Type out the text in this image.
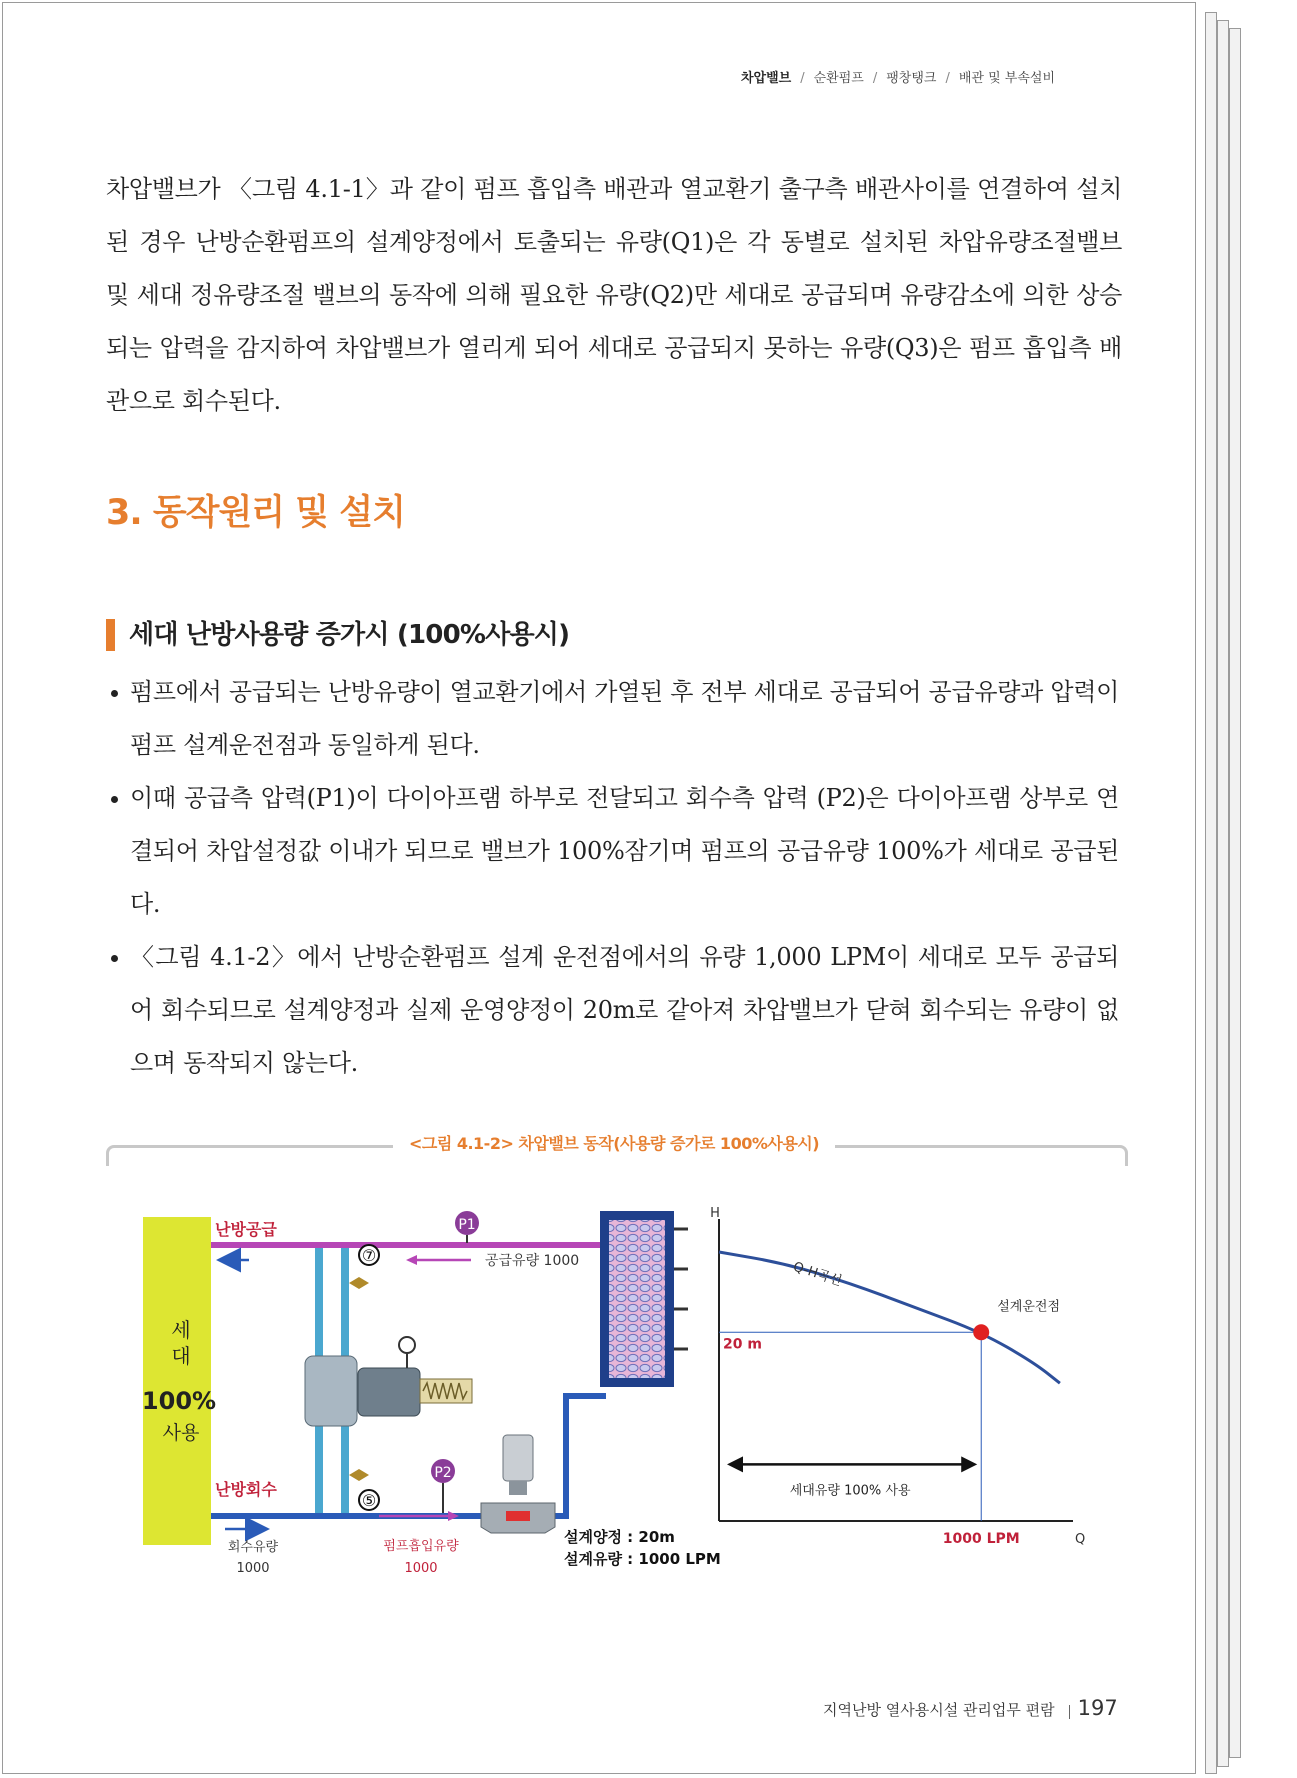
차압밸브 / 순환펌프 / 팽창탱크 / 배관 및 부속설비

차압밸브가 〈그림 4.1-1〉과 같이 펌프 흡입측 배관과 열교환기 출구측 배관사이를 연결하여 설치된 경우 난방순환펌프의 설계양정에서 토출되는 유량(Q1)은 각 동별로 설치된 차압유량조절밸브 및 세대 정유량조절 밸브의 동작에 의해 필요한 유량(Q2)만 세대로 공급되며 유량감소에 의한 상승되는 압력을 감지하여 차압밸브가 열리게 되어 세대로 공급되지 못하는 유량(Q3)은 펌프 흡입측 배관으로 회수된다.

3. 동작원리 및 설치
세대 난방사용량 증가시 (100%사용시)
펌프에서 공급되는 난방유량이 열교환기에서 가열된 후 전부 세대로 공급되어 공급유량과 압력이 펌프 설계운전점과 동일하게 된다.
이때 공급측 압력(P1)이 다이아프램 하부로 전달되고 회수측 압력 (P2)은 다이아프램 상부로 연결되어 차압설정값 이내가 되므로 밸브가 100%잠기며 펌프의 공급유량 100%가 세대로 공급된다.
〈그림 4.1-2〉에서 난방순환펌프 설계 운전점에서의 유량 1,000 LPM이 세대로 모두 공급되어 회수되므로 설계양정과 실제 운영양정이 20m로 같아져 차압밸브가 닫혀 회수되는 유량이 없으며 동작되지 않는다.
<그림 4.1-2> 차압밸브 동작(사용량 증가로 100%사용시)
세
대
100%
사용
난방공급
공급유량 1000
P1
난방회수
회수유량
1000
펌프흡입유량
1000
P2
⑦
⑤
설계양정 : 20m
설계유량 : 1000 LPM
H
Q
Q-H곡선
설계운전점
20 m
1000 LPM
세대유량 100% 사용
지역난방 열사용시설 관리업무 편람 197
